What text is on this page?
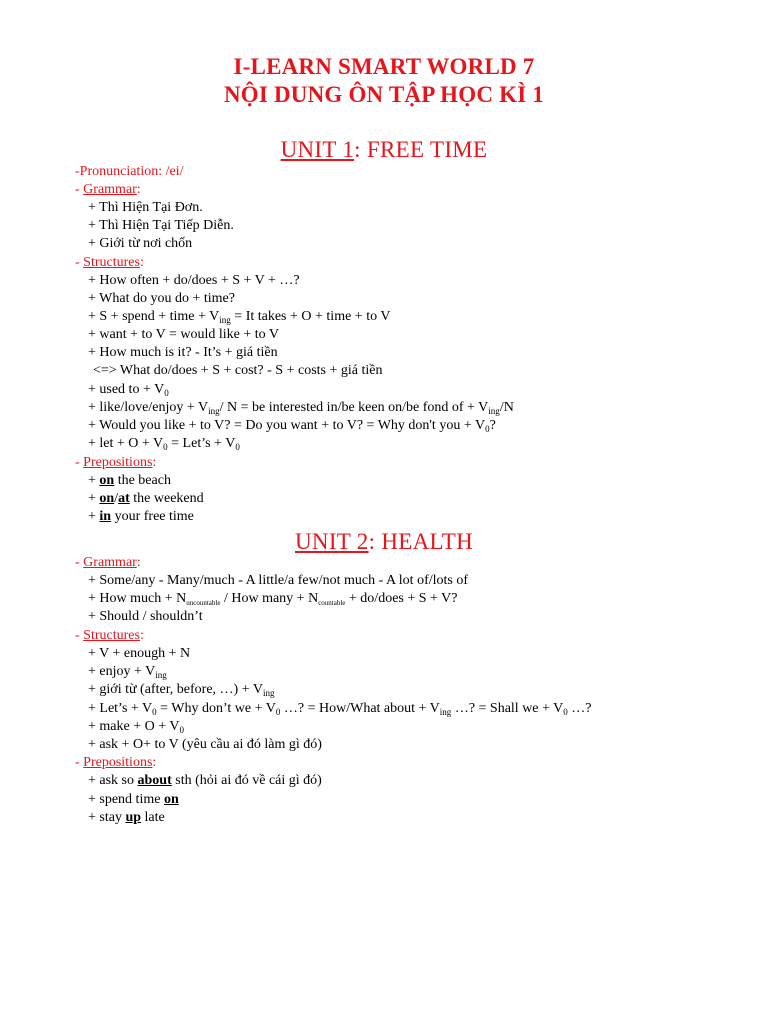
I-LEARN SMART WORLD 7
NỘI DUNG ÔN TẬP HỌC KÌ 1
UNIT 1: FREE TIME
-Pronunciation: /ei/
- Grammar:
+ Thì Hiện Tại Đơn.
+ Thì Hiện Tại Tiếp Diễn.
+ Giới từ nơi chốn
- Structures:
+ How often + do/does + S + V + …?
+ What do you do + time?
+ S + spend + time + $V_{ing} = It$ takes + O + time + to V
+ want + to V = would like + to V
+ How much is it? - It’s + giá tiền
<=> What do/does + S + cost? - S + costs + giá tiền
+ used to + $V_0$
+ like/love/enjoy + $V_{ing}/$ N = be interested in/be keen on/be fond of + $V_{ing}/N$
+ Would you like + to V? = Do you want + to V? = Why don't you + $V_0$?
+ let + $O + V_0$ = Let’s + $V_0$
- Prepositions:
+ on the beach
+ on/at the weekend
+ in your free time
UNIT 2: HEALTH
- Grammar:
+ Some/any - Many/much - A little/a few/not much - A lot of/lots of
+ How much + $N_{uncountable}$ / How many + $N_{countable}$ + do/does + S + V?
+ Should / shouldn’t
- Structures:
+ V + enough + N
+ enjoy + $V_{ing}$
+ giới từ (after, before, …) + $V_{ing}$
+ Let’s + $V_0$ = Why don’t we + $V_0$ …? = How/What about + $V_{ing}$ …? = Shall we + $V_0$ …?
+ make + $O + V_0$
+ ask + O+ to V (yêu cầu ai đó làm gì đó)
- Prepositions:
+ ask so about sth (hỏi ai đó về cái gì đó)
+ spend time on
+ stay up late
